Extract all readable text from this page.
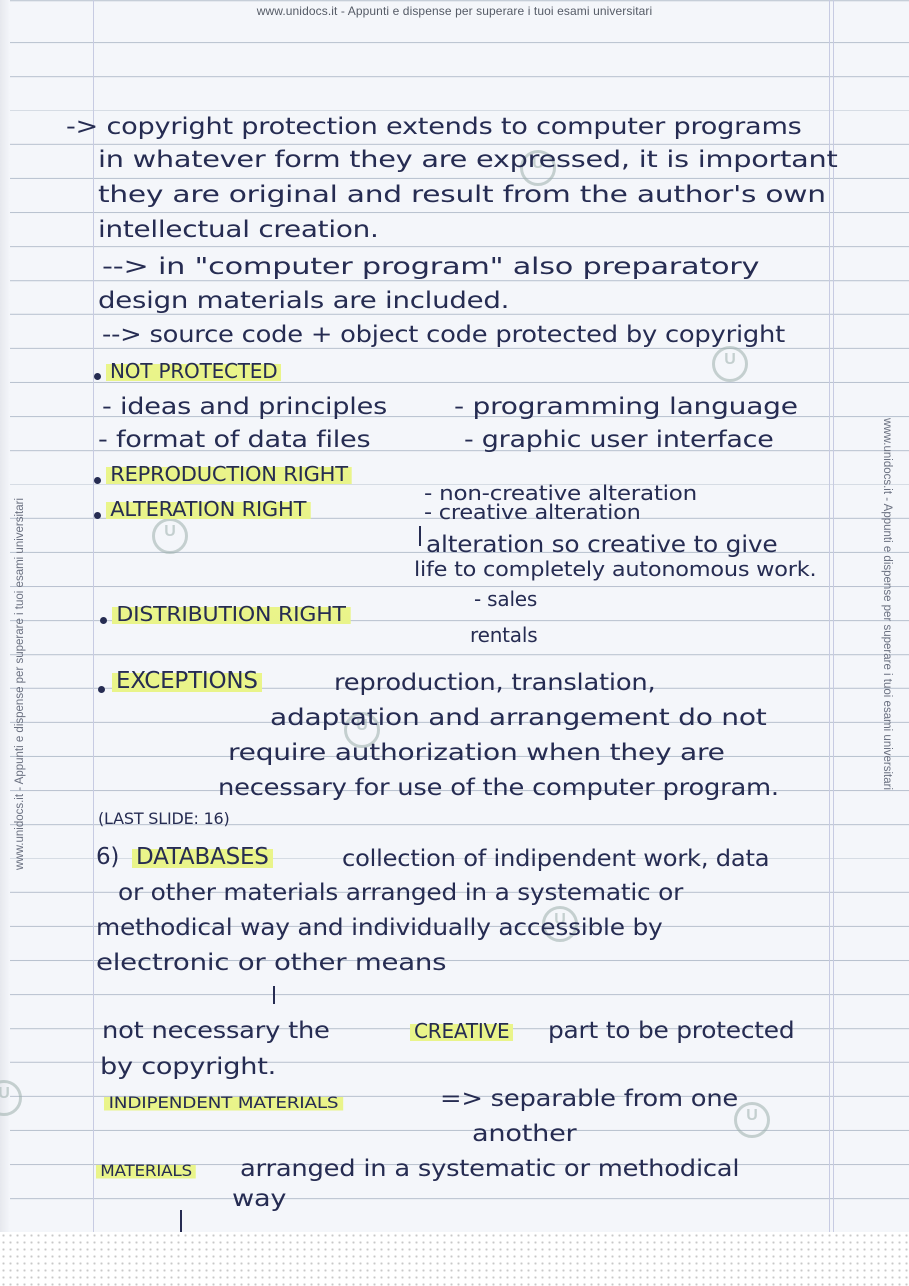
www.unidocs.it - Appunti e dispense per superare i tuoi esami universitari
www.unidocs.it - Appunti e dispense per superare i tuoi esami universitari	www.unidocs.it - Appunti e dispense per superare i tuoi esami universitari
U
U
U
U
U
U
U
-> copyright protection extends to computer programs
in whatever form they are expressed, it is important
they are original and result from the author's own
intellectual creation.
--> in "computer program" also preparatory
design materials are included.
--> source code + object code protected by copyright
NOT PROTECTED
- ideas and principles	- programming language
- format of data files	- graphic user interface
REPRODUCTION RIGHT
ALTERATION RIGHT
- non-creative alteration
- creative alteration
alteration so creative to give
life to completely autonomous work.
DISTRIBUTION RIGHT
- sales
rentals
EXCEPTIONS	reproduction, translation,
adaptation and arrangement do not
require authorization when they are
necessary for use of the computer program.
(LAST SLIDE: 16)
6) DATABASES	collection of indipendent work, data
or other materials arranged in a systematic or
methodical way and individually accessible by
electronic or other means
not necessary the	CREATIVE part to be protected
by copyright.
INDIPENDENT MATERIALS	=> separable from one
another
MATERIALS arranged in a systematic or methodical
way
